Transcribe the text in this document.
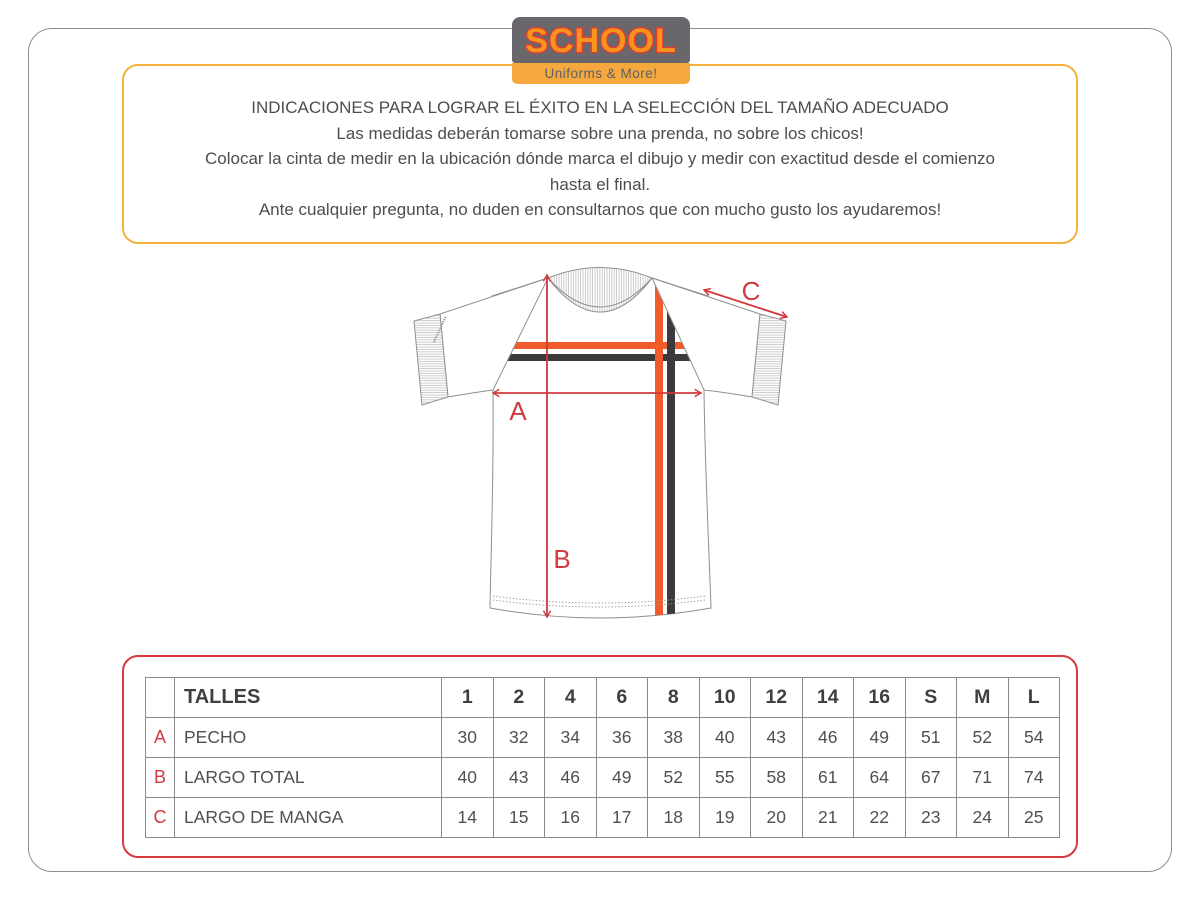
SCHOOL
Uniforms & More!
INDICACIONES PARA LOGRAR EL ÉXITO EN LA SELECCIÓN DEL TAMAÑO ADECUADO
Las medidas deberán tomarse sobre una prenda, no sobre los chicos!
Colocar la cinta de medir en la ubicación dónde marca el dibujo y medir con exactitud desde el comienzo
hasta el final.
Ante cualquier pregunta, no duden en consultarnos que con mucho gusto los ayudaremos!
A
B
C
	TALLES	1	2	4	6	8	10	12	14	16	S	M	L
A	PECHO	30	32	34	36	38	40	43	46	49	51	52	54
B	LARGO TOTAL	40	43	46	49	52	55	58	61	64	67	71	74
C	LARGO DE MANGA	14	15	16	17	18	19	20	21	22	23	24	25
